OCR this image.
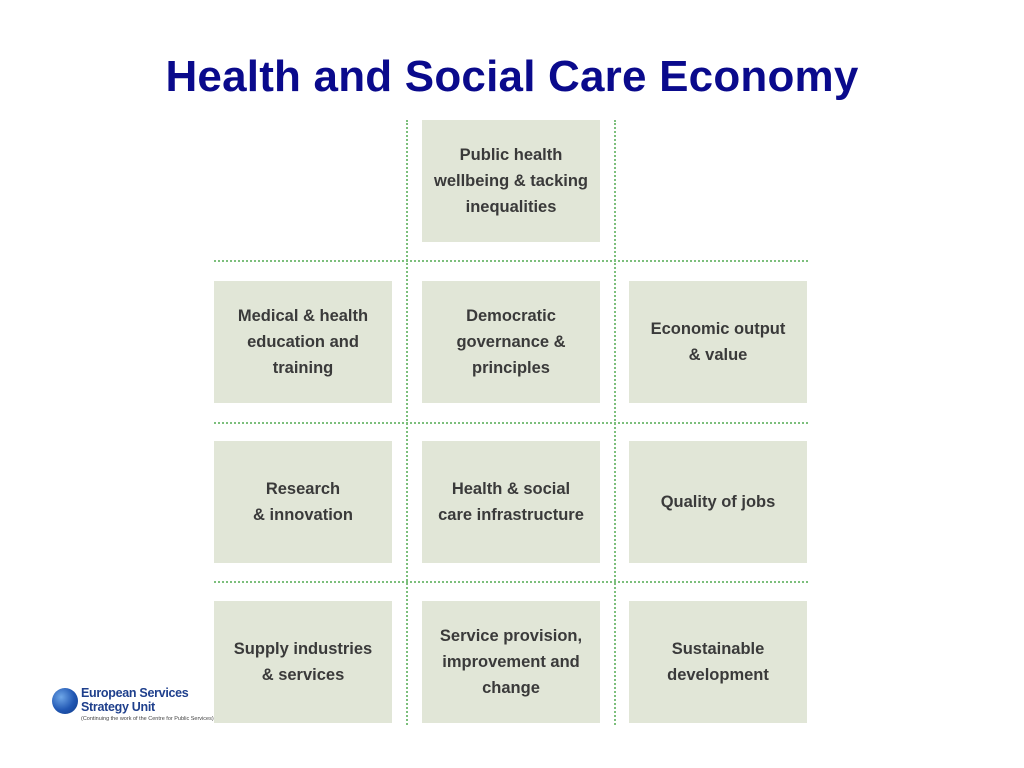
Health and Social Care Economy
Public health
wellbeing & tacking
inequalities
Medical & health
education and
training
Democratic
governance &
principles
Economic output
& value
Research
& innovation
Health & social
care infrastructure
Quality of jobs
Supply industries
& services
Service provision,
improvement and
change
Sustainable
development
European Services
Strategy Unit
(Continuing the work of the Centre for Public Services)
